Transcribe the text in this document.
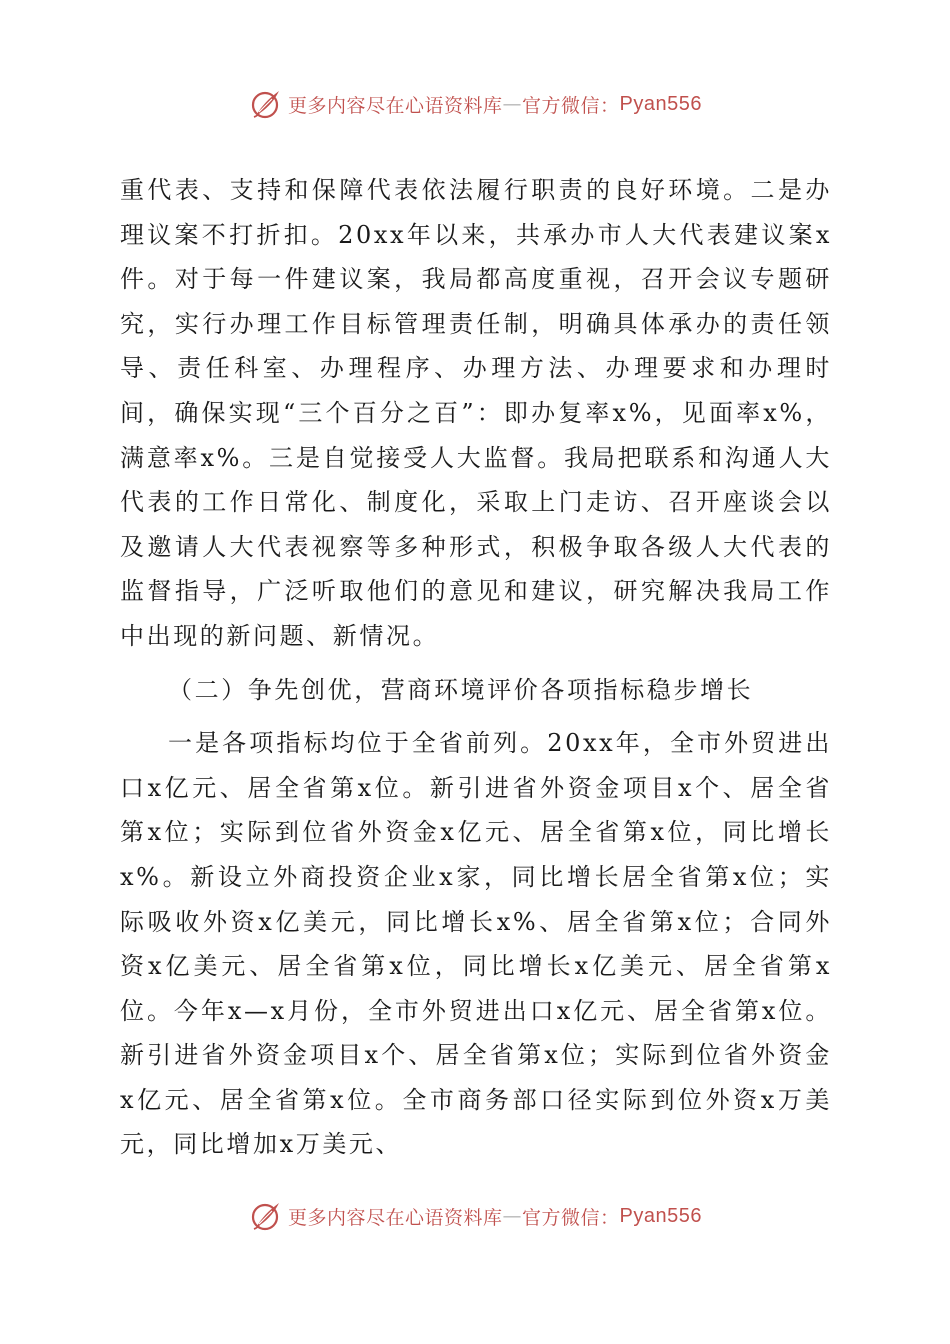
更多内容尽在心语资料库 — 官方微信： Pyan556

重代表、支持和保障代表依法履行职责的良好环境。二是办理议案不打折扣。20xx年以来，共承办市人大代表建议案x件。对于每一件建议案，我局都高度重视，召开会议专题研究，实行办理工作目标管理责任制，明确具体承办的责任领导、责任科室、办理程序、办理方法、办理要求和办理时间，确保实现“三个百分之百”：即办复率x%，见面率x%，满意率x%。三是自觉接受人大监督。我局把联系和沟通人大代表的工作日常化、制度化，采取上门走访、召开座谈会以及邀请人大代表视察等多种形式，积极争取各级人大代表的监督指导，广泛听取他们的意见和建议，研究解决我局工作中出现的新问题、新情况。

（二）争先创优，营商环境评价各项指标稳步增长

一是各项指标均位于全省前列。20xx年，全市外贸进出口x亿元、居全省第x位。新引进省外资金项目x个、居全省第x位；实际到位省外资金x亿元、居全省第x位，同比增长x%。新设立外商投资企业x家，同比增长居全省第x位；实际吸收外资x亿美元，同比增长x%、居全省第x位；合同外资x亿美元、居全省第x位，同比增长x亿美元、居全省第x位。今年x—x月份，全市外贸进出口x亿元、居全省第x位。新引进省外资金项目x个、居全省第x位；实际到位省外资金x亿元、居全省第x位。全市商务部口径实际到位外资x万美元，同比增加x万美元、

更多内容尽在心语资料库 — 官方微信： Pyan556
